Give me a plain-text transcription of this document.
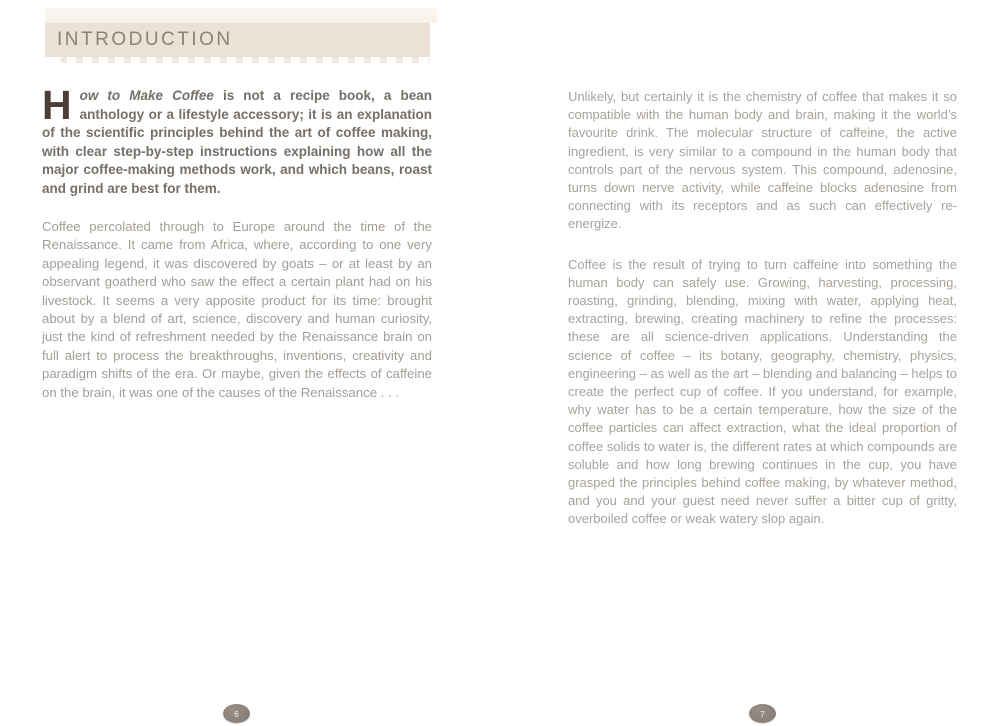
INTRODUCTION

How to Make Coffee is not a recipe book, a bean anthology or a lifestyle accessory; it is an explanation of the scientific principles behind the art of coffee making, with clear step-by-step instructions explaining how all the major coffee-making methods work, and which beans, roast and grind are best for them.

Coffee percolated through to Europe around the time of the Renaissance. It came from Africa, where, according to one very appealing legend, it was discovered by goats – or at least by an observant goatherd who saw the effect a certain plant had on his livestock. It seems a very apposite product for its time: brought about by a blend of art, science, discovery and human curiosity, just the kind of refreshment needed by the Renaissance brain on full alert to process the breakthroughs, inventions, creativity and paradigm shifts of the era. Or maybe, given the effects of caffeine on the brain, it was one of the causes of the Renaissance . . .

Unlikely, but certainly it is the chemistry of coffee that makes it so compatible with the human body and brain, making it the world’s favourite drink. The molecular structure of caffeine, the active ingredient, is very similar to a compound in the human body that controls part of the nervous system. This compound, adenosine, turns down nerve activity, while caffeine blocks adenosine from connecting with its receptors and as such can effectively re-energize.

Coffee is the result of trying to turn caffeine into something the human body can safely use. Growing, harvesting, processing, roasting, grinding, blending, mixing with water, applying heat, extracting, brewing, creating machinery to refine the processes: these are all science-driven applications. Understanding the science of coffee – its botany, geography, chemistry, physics, engineering – as well as the art – blending and balancing – helps to create the perfect cup of coffee. If you understand, for example, why water has to be a certain temperature, how the size of the coffee particles can affect extraction, what the ideal proportion of coffee solids to water is, the different rates at which compounds are soluble and how long brewing continues in the cup, you have grasped the principles behind coffee making, by whatever method, and you and your guest need never suffer a bitter cup of gritty, overboiled coffee or weak watery slop again.

6	7
